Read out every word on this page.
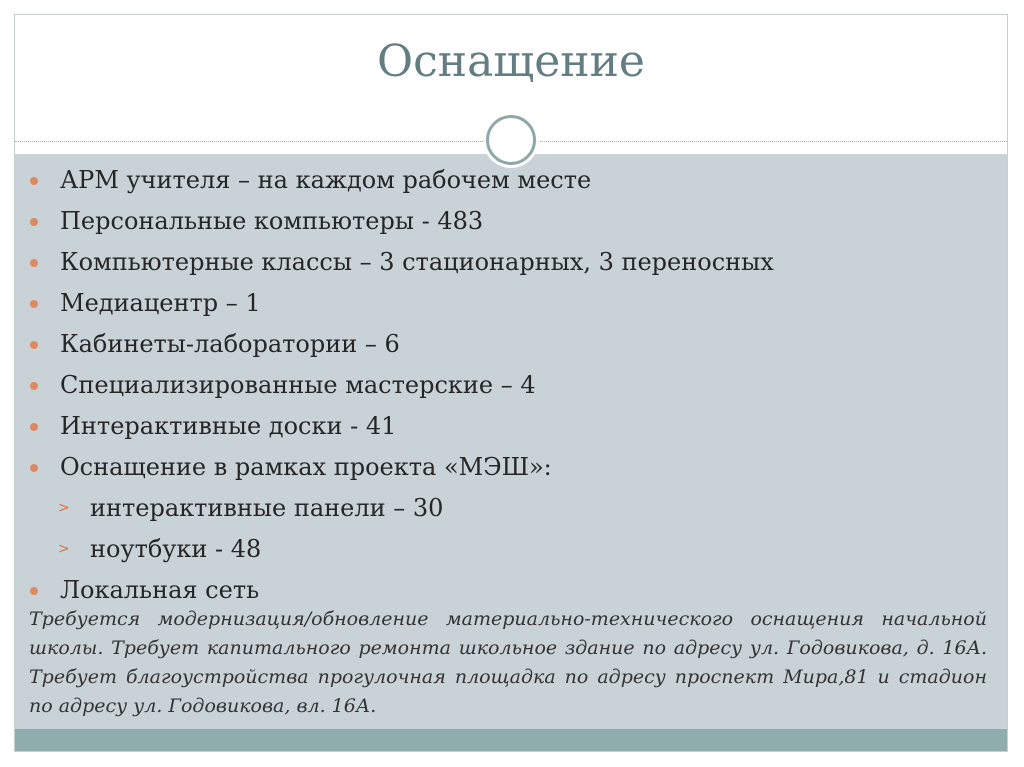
Оснащение
АРМ учителя – на каждом рабочем месте
Персональные компьютеры - 483
Компьютерные классы – 3 стационарных, 3 переносных
Медиацентр – 1
Кабинеты-лаборатории – 6
Специализированные мастерские – 4
Интерактивные доски - 41
Оснащение в рамках проекта «МЭШ»:
> интерактивные панели – 30
> ноутбуки - 48
Локальная сеть

Требуется модернизация/обновление материально-технического оснащения начальной школы. Требует капитального ремонта школьное здание по адресу ул. Годовикова, д. 16А. Требует благоустройства прогулочная площадка по адресу проспект Мира,81 и стадион по адресу ул. Годовикова, вл. 16А.
